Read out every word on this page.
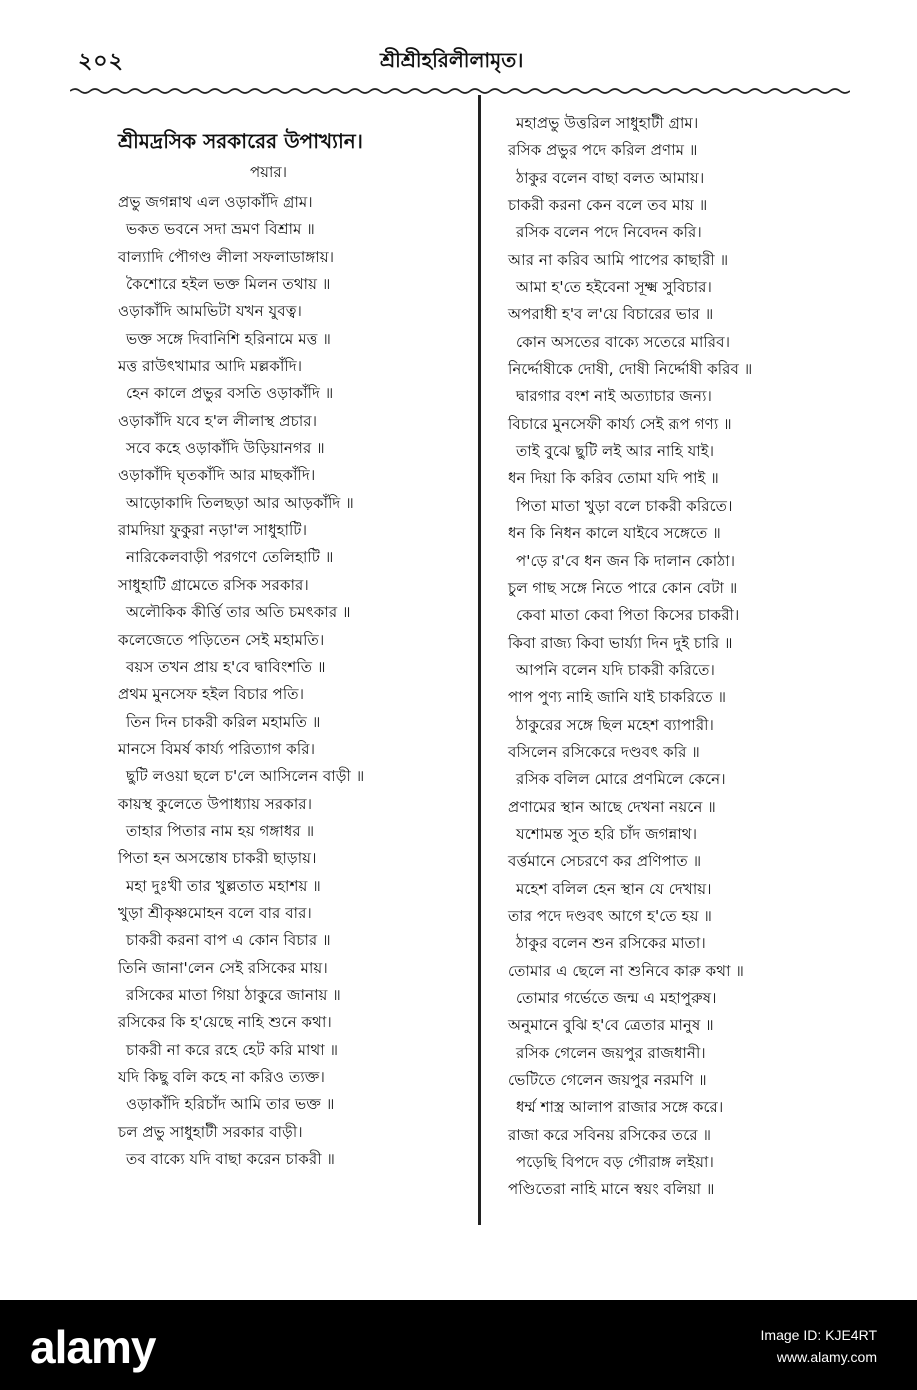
২০২	শ্রীশ্রীহরিলীলামৃত।
শ্রীমদ্রসিক সরকারের উপাখ্যান।
পয়ার।
প্রভু জগন্নাথ এল ওড়াকাঁদি গ্রাম।
ভকত ভবনে সদা ভ্রমণ বিশ্রাম ॥
বাল্যাদি পৌগণ্ড লীলা সফলাডাঙ্গায়।
কৈশোরে হইল ভক্ত মিলন তথায় ॥
ওড়াকাঁদি আমভিটা যখন যুবত্ব।
ভক্ত সঙ্গে দিবানিশি হরিনামে মত্ত ॥
মত্ত রাউৎখামার আদি মল্লকাঁদি।
হেন কালে প্রভুর বসতি ওড়াকাঁদি ॥
ওড়াকাঁদি যবে হ'ল লীলাস্থ প্রচার।
সবে কহে ওড়াকাঁদি উড়িয়ানগর ॥
ওড়াকাঁদি ঘৃতকাঁদি আর মাছকাঁদি।
আড়োকাদি তিলছড়া আর আড়কাঁদি ॥
রামদিয়া ফুকুরা নড়া'ল সাধুহাটি।
নারিকেলবাড়ী পরগণে তেলিহাটি ॥
সাধুহাটি গ্রামেতে রসিক সরকার।
অলৌকিক কীর্ত্তি তার অতি চমৎকার ॥
কলেজেতে পড়িতেন সেই মহামতি।
বয়স তখন প্রায় হ'বে দ্বাবিংশতি ॥
প্রথম মুনসেফ হইল বিচার পতি।
তিন দিন চাকরী করিল মহামতি ॥
মানসে বিমর্ষ কার্য্য পরিত্যাগ করি।
ছুটি লওয়া ছলে চ'লে আসিলেন বাড়ী ॥
কায়স্থ কুলেতে উপাধ্যায় সরকার।
তাহার পিতার নাম হয় গঙ্গাধর ॥
পিতা হন অসন্তোষ চাকরী ছাড়ায়।
মহা দুঃখী তার খুল্লতাত মহাশয় ॥
খুড়া শ্রীকৃষ্ণমোহন বলে বার বার।
চাকরী করনা বাপ এ কোন বিচার ॥
তিনি জানা'লেন সেই রসিকের মায়।
রসিকের মাতা গিয়া ঠাকুরে জানায় ॥
রসিকের কি হ'য়েছে নাহি শুনে কথা।
চাকরী না করে রহে হেট করি মাথা ॥
যদি কিছু বলি কহে না করিও ত্যক্ত।
ওড়াকাঁদি হরিচাঁদ আমি তার ভক্ত ॥
চল প্রভু সাধুহাটী সরকার বাড়ী।
তব বাক্যে যদি বাছা করেন চাকরী ॥
মহাপ্রভু উত্তরিল সাধুহাটী গ্রাম।
রসিক প্রভুর পদে করিল প্রণাম ॥
ঠাকুর বলেন বাছা বলত আমায়।
চাকরী করনা কেন বলে তব মায় ॥
রসিক বলেন পদে নিবেদন করি।
আর না করিব আমি পাপের কাছারী ॥
আমা হ'তে হইবেনা সূক্ষ্ম সুবিচার।
অপরাধী হ'ব ল'য়ে বিচারের ভার ॥
কোন অসতের বাক্যে সতেরে মারিব।
নির্দ্দোষীকে দোষী, দোষী নির্দ্দোষী করিব ॥
দ্বারগার বংশ নাই অত্যাচার জন্য।
বিচারে মুনসেফী কার্য্য সেই রূপ গণ্য ॥
তাই বুঝে ছুটি লই আর নাহি যাই।
ধন দিয়া কি করিব তোমা যদি পাই ॥
পিতা মাতা খুড়া বলে চাকরী করিতে।
ধন কি নিধন কালে যাইবে সঙ্গেতে ॥
প'ড়ে র'বে ধন জন কি দালান কোঠা।
চুল গাছ সঙ্গে নিতে পারে কোন বেটা ॥
কেবা মাতা কেবা পিতা কিসের চাকরী।
কিবা রাজ্য কিবা ভার্য্যা দিন দুই চারি ॥
আপনি বলেন যদি চাকরী করিতে।
পাপ পুণ্য নাহি জানি যাই চাকরিতে ॥
ঠাকুরের সঙ্গে ছিল মহেশ ব্যাপারী।
বসিলেন রসিকেরে দণ্ডবৎ করি ॥
রসিক বলিল মোরে প্রণমিলে কেনে।
প্রণামের স্থান আছে দেখনা নয়নে ॥
যশোমন্ত সুত হরি চাঁদ জগন্নাথ।
বর্ত্তমানে সেচরণে কর প্রণিপাত ॥
মহেশ বলিল হেন স্থান যে দেখায়।
তার পদে দণ্ডবৎ আগে হ'তে হয় ॥
ঠাকুর বলেন শুন রসিকের মাতা।
তোমার এ ছেলে না শুনিবে কারু কথা ॥
তোমার গর্ভেতে জন্ম এ মহাপুরুষ।
অনুমানে বুঝি হ'বে ত্রেতার মানুষ ॥
রসিক গেলেন জয়পুর রাজধানী।
ভেটিতে গেলেন জয়পুর নরমণি ॥
ধর্ম্ম শাস্ত্র আলাপ রাজার সঙ্গে করে।
রাজা করে সবিনয় রসিকের তরে ॥
পড়েছি বিপদে বড় গৌরাঙ্গ লইয়া।
পণ্ডিতেরা নাহি মানে স্বয়ং বলিয়া ॥
alamy	Image ID: KJE4RT
www.alamy.com
